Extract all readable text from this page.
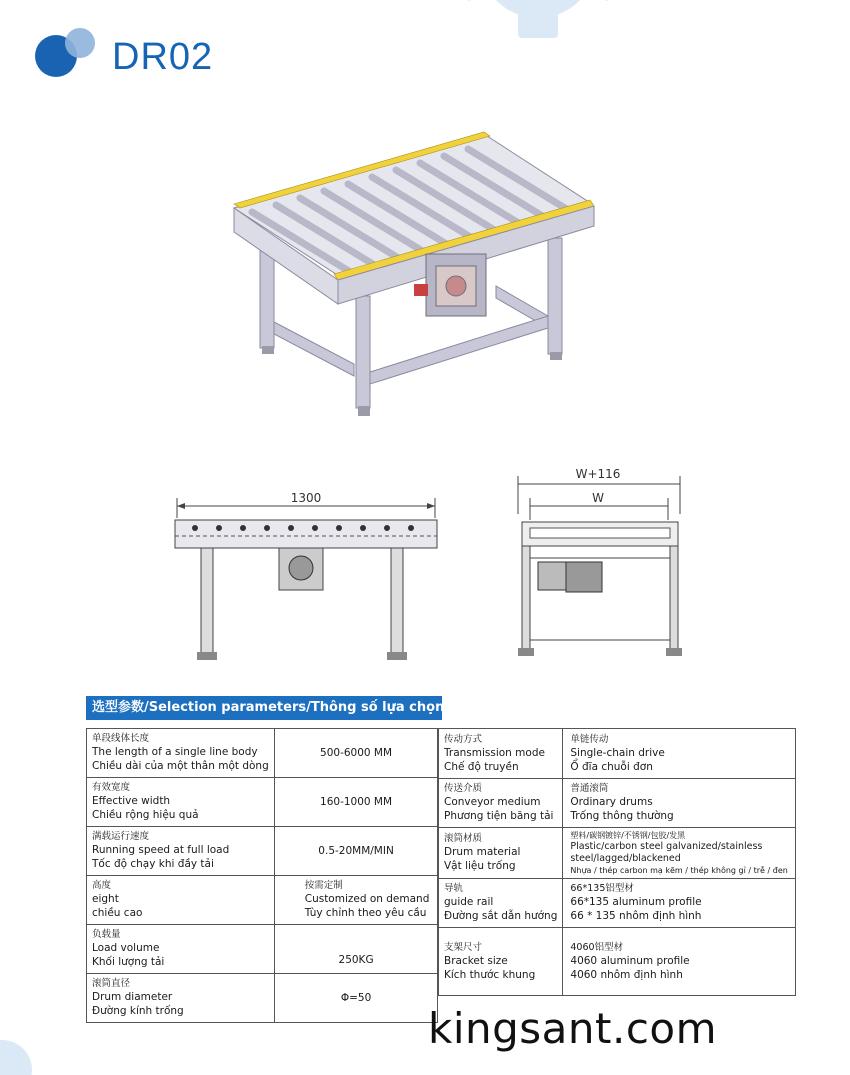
DR02
1300
W+116
W
选型参数/Selection parameters/Thông số lựa chọn
单段线体长度
The length of a single line body
Chiều dài của một thân một dòng	500-6000 MM

有效宽度
Effective width
Chiều rộng hiệu quả	160-1000 MM

满载运行速度
Running speed at full load
Tốc độ chạy khi đầy tải	0.5-20MM/MIN

高度
eight
chiều cao	按需定制
Customized on demand
Tùy chỉnh theo yêu cầu

负载量
Load volume
Khối lượng tải	250KG

滚筒直径
Drum diameter
Đường kính trống	Φ=50
传动方式
Transmission mode
Chế độ truyền	单链传动
Single-chain drive
Ổ đĩa chuỗi đơn

传送介质
Conveyor medium
Phương tiện băng tải	普通滚筒
Ordinary drums
Trống thông thường

滚筒材质
Drum material
Vật liệu trống	塑料/碳钢镀锌/不锈钢/包胶/发黑
Plastic/carbon steel galvanized/stainless
steel/lagged/blackened
Nhựa / thép carbon mạ kẽm / thép không gỉ / trễ / đen

导轨
guide rail
Đường sắt dẫn hướng	66*135铝型材
66*135 aluminum profile
66 * 135 nhôm định hình

支架尺寸
Bracket size
Kích thước khung	4060铝型材
4060 aluminum profile
4060 nhôm định hình
kingsant.com
